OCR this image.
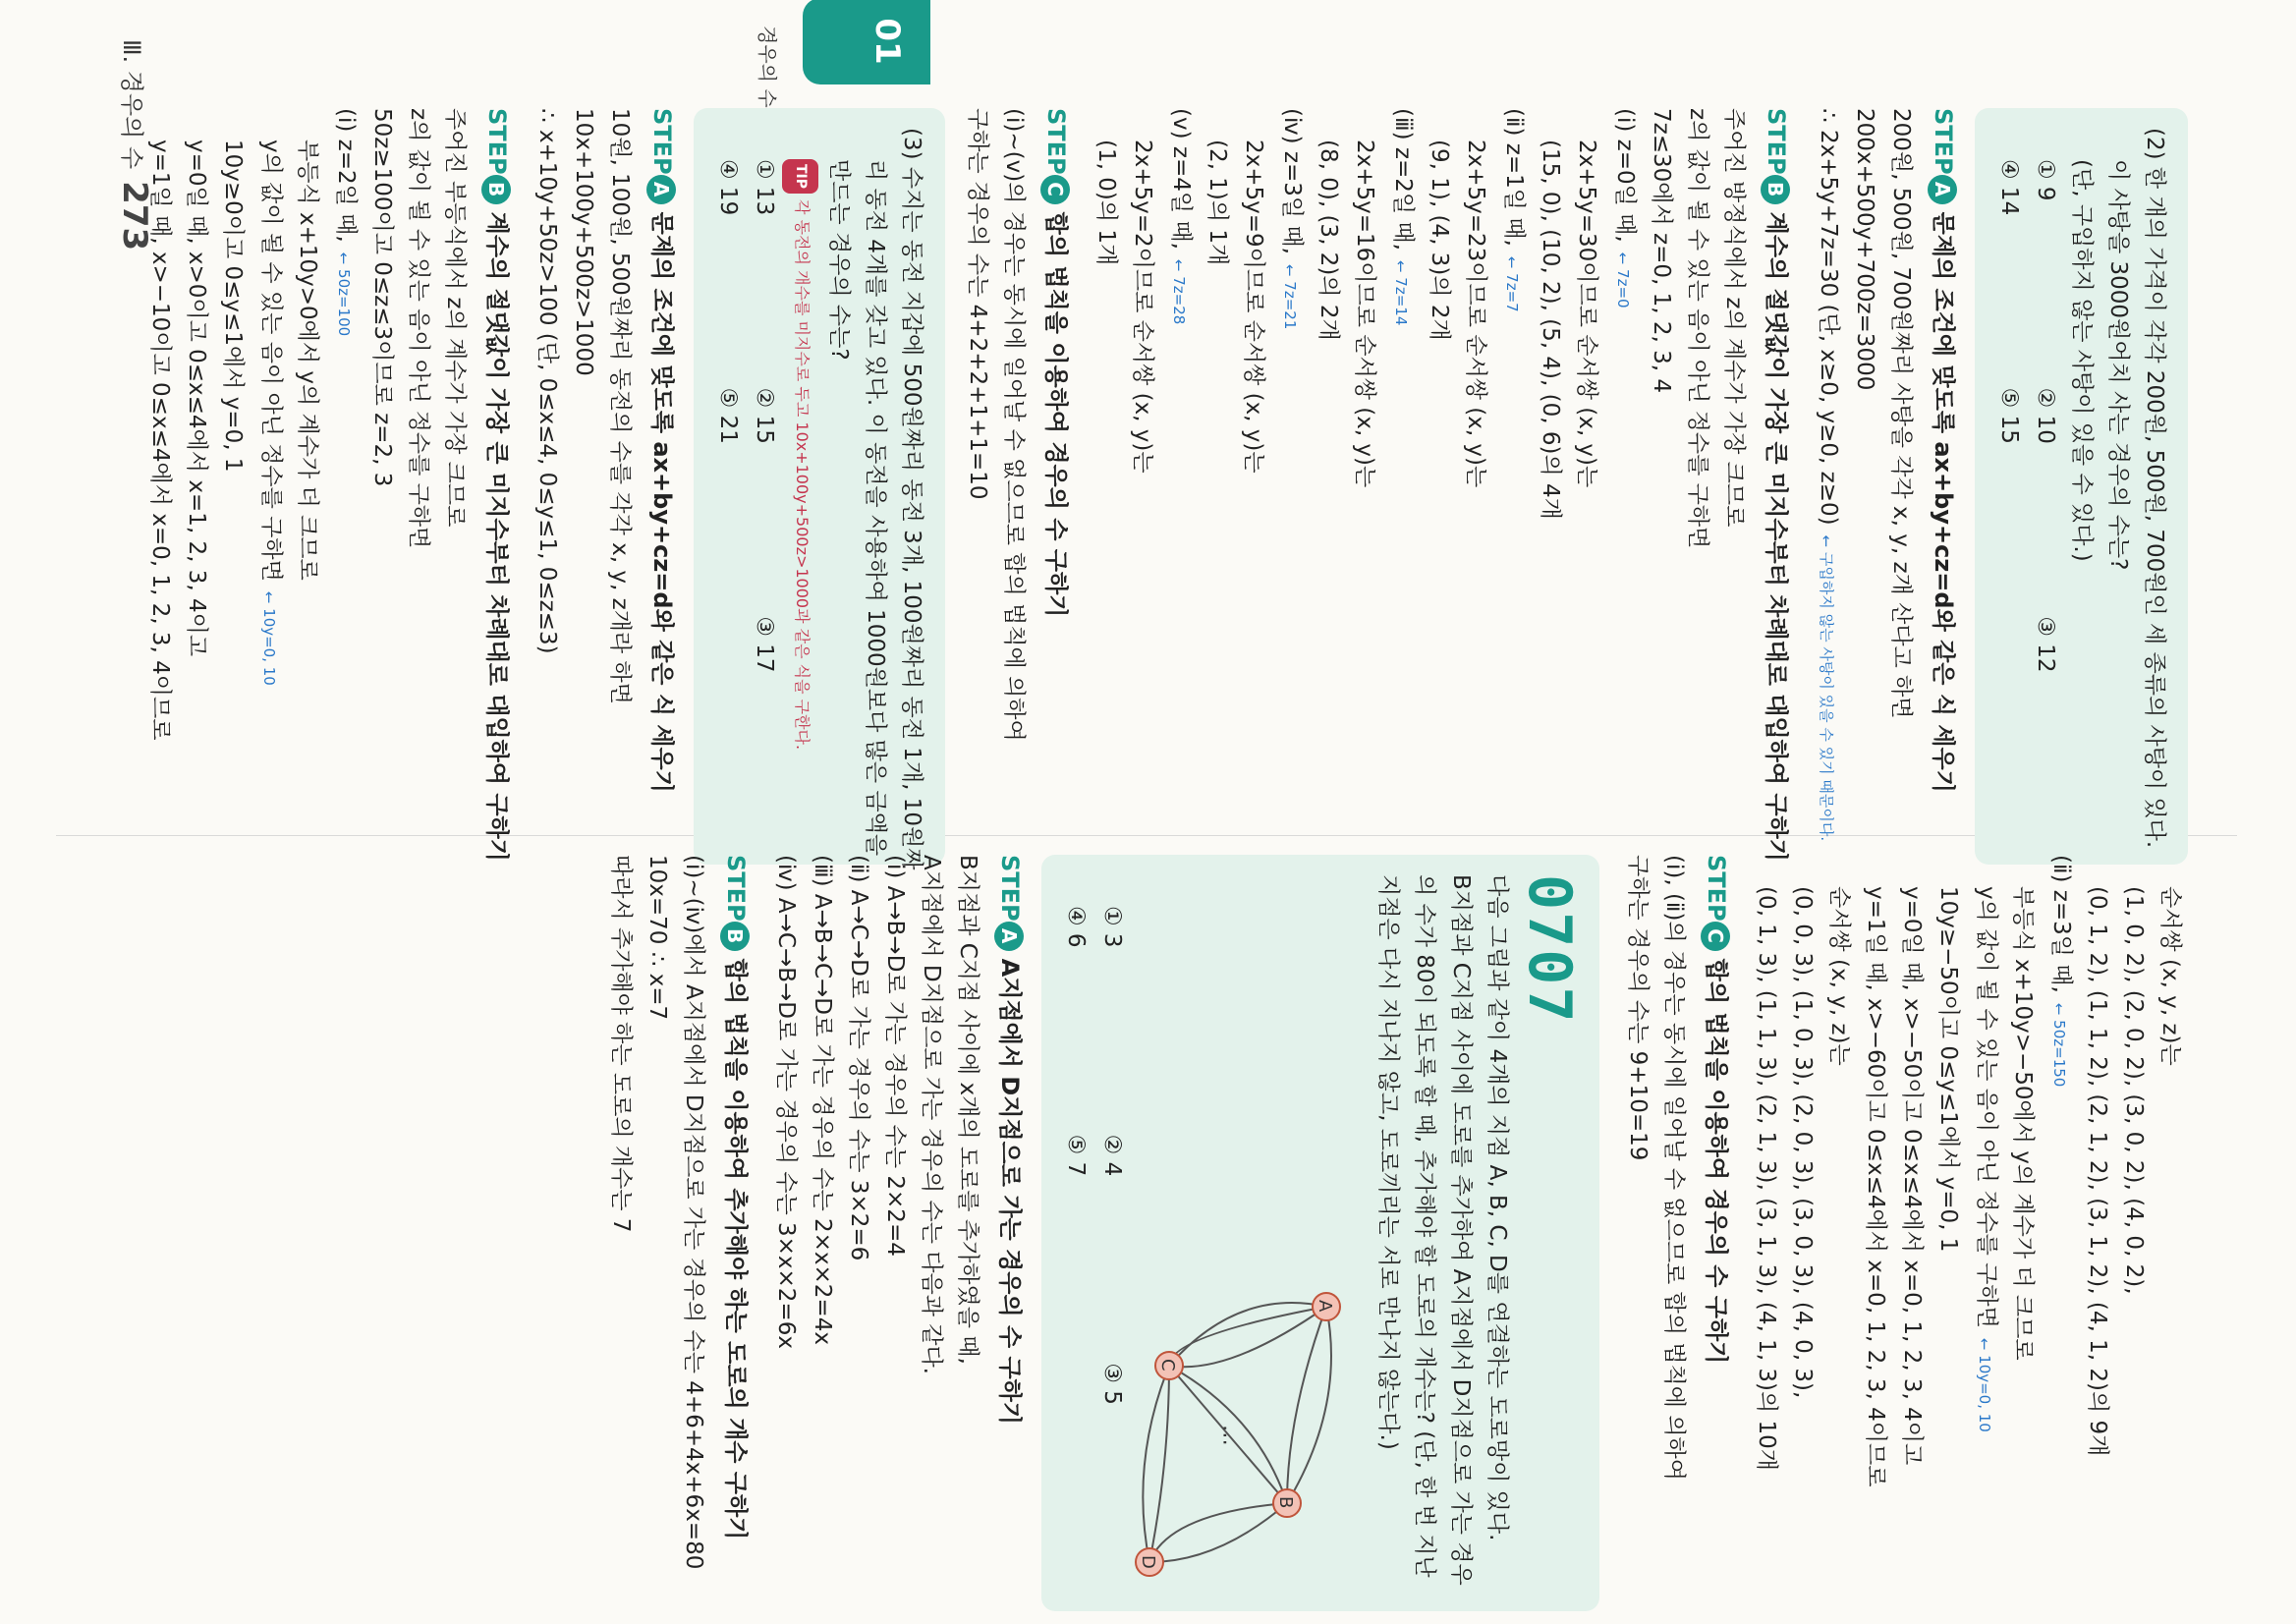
01
경우의 수
(2) 한 개의 가격이 각각 200원, 500원, 700원인 세 종류의 사탕이 있다.
이 사탕을 3000원어치 사는 경우의 수는?
(단, 구입하지 않는 사탕이 있을 수 있다.)
① 9
② 10
③ 12
④ 14
⑤ 15
STEPA문제의 조건에 맞도록 ax+by+cz=d와 같은 식 세우기
200원, 500원, 700원짜리 사탕을 각각 x, y, z개 산다고 하면
200x+500y+700z=3000
∴ 2x+5y+7z=30 (단, x≥0, y≥0, z≥0)← 구입하지 않는 사탕이 있을 수 있기 때문이다.
STEPB계수의 절댓값이 가장 큰 미지수부터 차례대로 대입하여 구하기
주어진 방정식에서 z의 계수가 가장 크므로
z의 값이 될 수 있는 음이 아닌 정수를 구하면
7z≤30에서 z=0, 1, 2, 3, 4
(ⅰ) z=0일 때,← 7z=0
2x+5y=30이므로 순서쌍 (x, y)는
(15, 0), (10, 2), (5, 4), (0, 6)의 4개
(ⅱ) z=1일 때,← 7z=7
2x+5y=23이므로 순서쌍 (x, y)는
(9, 1), (4, 3)의 2개
(ⅲ) z=2일 때,← 7z=14
2x+5y=16이므로 순서쌍 (x, y)는
(8, 0), (3, 2)의 2개
(ⅳ) z=3일 때,← 7z=21
2x+5y=9이므로 순서쌍 (x, y)는
(2, 1)의 1개
(ⅴ) z=4일 때,← 7z=28
2x+5y=2이므로 순서쌍 (x, y)는
(1, 0)의 1개
STEPC합의 법칙을 이용하여 경우의 수 구하기
(ⅰ)~(ⅴ)의 경우는 동시에 일어날 수 없으므로 합의 법칙에 의하여
구하는 경우의 수는 4+2+2+1+1=10
(3) 수지는 동전 지갑에 500원짜리 동전 3개, 100원짜리 동전 1개, 10원짜
리 동전 4개를 갖고 있다. 이 동전을 사용하여 1000원보다 많은 금액을
만드는 경우의 수는?
TIP각 동전의 개수를 미지수로 두고 10x+100y+500z>1000과 같은 식을 구한다.
① 13
② 15
③ 17
④ 19
⑤ 21
STEPA문제의 조건에 맞도록 ax+by+cz=d와 같은 식 세우기
10원, 100원, 500원짜리 동전의 수를 각각 x, y, z개라 하면
10x+100y+500z>1000
∴ x+10y+50z>100 (단, 0≤x≤4, 0≤y≤1, 0≤z≤3)
STEPB계수의 절댓값이 가장 큰 미지수부터 차례대로 대입하여 구하기
주어진 부등식에서 z의 계수가 가장 크므로
z의 값이 될 수 있는 음이 아닌 정수를 구하면
50z≥100이고 0≤z≤3이므로 z=2, 3
(ⅰ) z=2일 때,← 50z=100
부등식 x+10y>0에서 y의 계수가 더 크므로
y의 값이 될 수 있는 음이 아닌 정수를 구하면← 10y=0, 10
10y≥0이고 0≤y≤1에서 y=0, 1
y=0일 때, x>0이고 0≤x≤4에서 x=1, 2, 3, 4이고
y=1일 때, x>−10이고 0≤x≤4에서 x=0, 1, 2, 3, 4이므로
순서쌍 (x, y, z)는
(1, 0, 2), (2, 0, 2), (3, 0, 2), (4, 0, 2),
(0, 1, 2), (1, 1, 2), (2, 1, 2), (3, 1, 2), (4, 1, 2)의 9개
(ⅱ) z=3일 때,← 50z=150
부등식 x+10y>−50에서 y의 계수가 더 크므로
y의 값이 될 수 있는 음이 아닌 정수를 구하면← 10y=0, 10
10y≥−50이고 0≤y≤1에서 y=0, 1
y=0일 때, x>−50이고 0≤x≤4에서 x=0, 1, 2, 3, 4이고
y=1일 때, x>−60이고 0≤x≤4에서 x=0, 1, 2, 3, 4이므로
순서쌍 (x, y, z)는
(0, 0, 3), (1, 0, 3), (2, 0, 3), (3, 0, 3), (4, 0, 3),
(0, 1, 3), (1, 1, 3), (2, 1, 3), (3, 1, 3), (4, 1, 3)의 10개
STEPC합의 법칙을 이용하여 경우의 수 구하기
(ⅰ), (ⅱ)의 경우는 동시에 일어날 수 없으므로 합의 법칙에 의하여
구하는 경우의 수는 9+10=19
0707
다음 그림과 같이 4개의 지점 A, B, C, D를 연결하는 도로망이 있다.
B지점과 C지점 사이에 도로를 추가하여 A지점에서 D지점으로 가는 경우
의 수가 80이 되도록 할 때, 추가해야 할 도로의 개수는? (단, 한 번 지난
지점은 다시 지나지 않고, 도로끼리는 서로 만나지 않는다.)
⋯
A
B
C
D
① 3
② 4
③ 5
④ 6
⑤ 7
STEPAA지점에서 D지점으로 가는 경우의 수 구하기
B지점과 C지점 사이에 x개의 도로를 추가하였을 때,
A지점에서 D지점으로 가는 경우의 수는 다음과 같다.
(ⅰ) A→B→D로 가는 경우의 수는 2×2=4
(ⅱ) A→C→D로 가는 경우의 수는 3×2=6
(ⅲ) A→B→C→D로 가는 경우의 수는 2×x×2=4x
(ⅳ) A→C→B→D로 가는 경우의 수는 3×x×2=6x
STEPB합의 법칙을 이용하여 추가해야 하는 도로의 개수 구하기
(ⅰ)~(ⅳ)에서 A지점에서 D지점으로 가는 경우의 수는 4+6+4x+6x=80
10x=70 ∴ x=7
따라서 추가해야 하는 도로의 개수는 7
Ⅲ. 경우의 수273
